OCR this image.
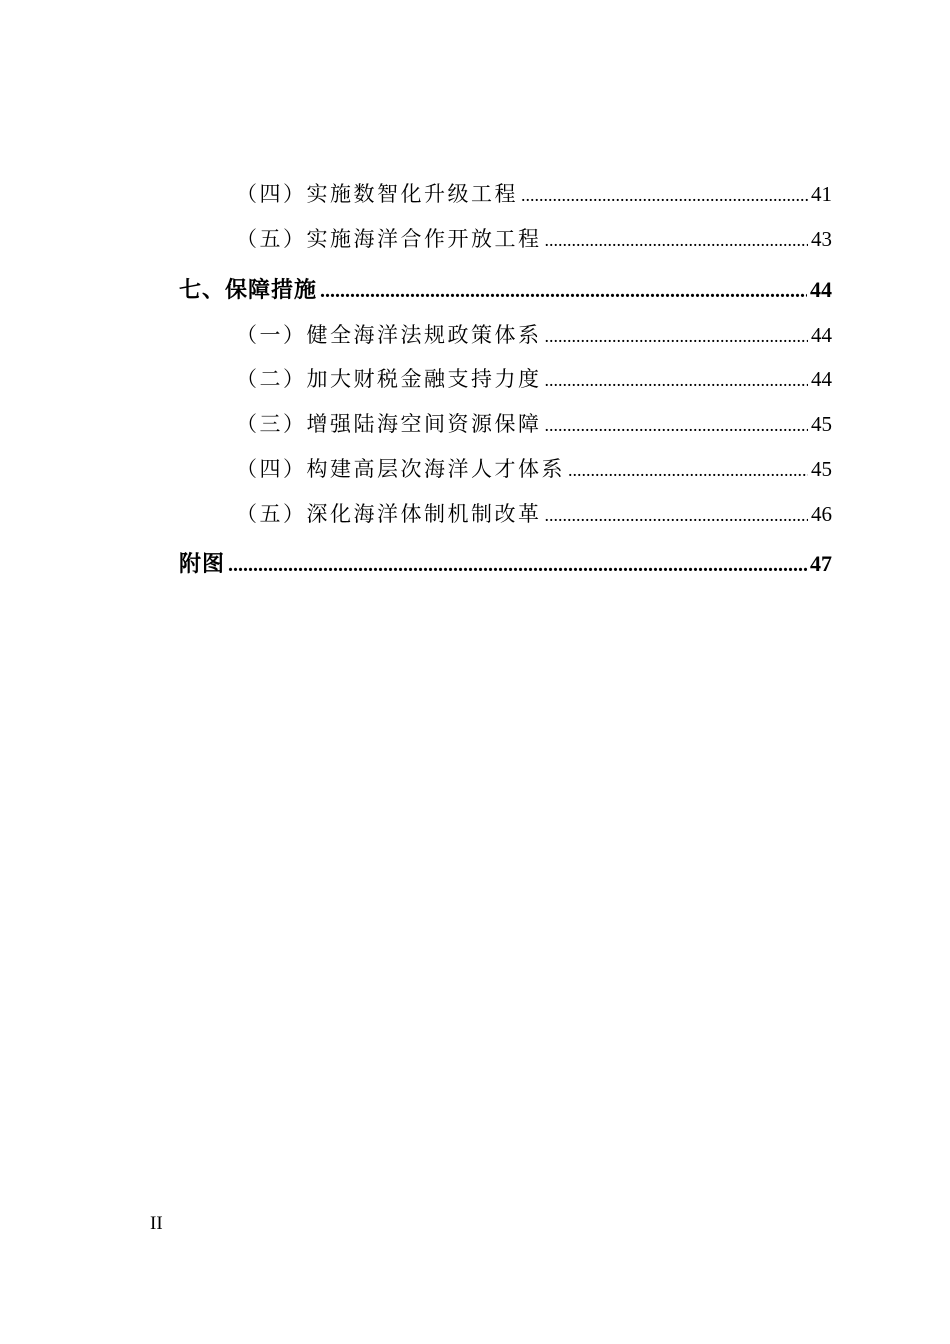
（四）实施数智化升级工程 .....	41
（五）实施海洋合作开放工程 .....	43
七、保障措施 .....	44
（一）健全海洋法规政策体系 .....	44
（二）加大财税金融支持力度 .....	44
（三）增强陆海空间资源保障 .....	45
（四）构建高层次海洋人才体系 .....	45
（五）深化海洋体制机制改革 .....	46
附图 .....	47
II
